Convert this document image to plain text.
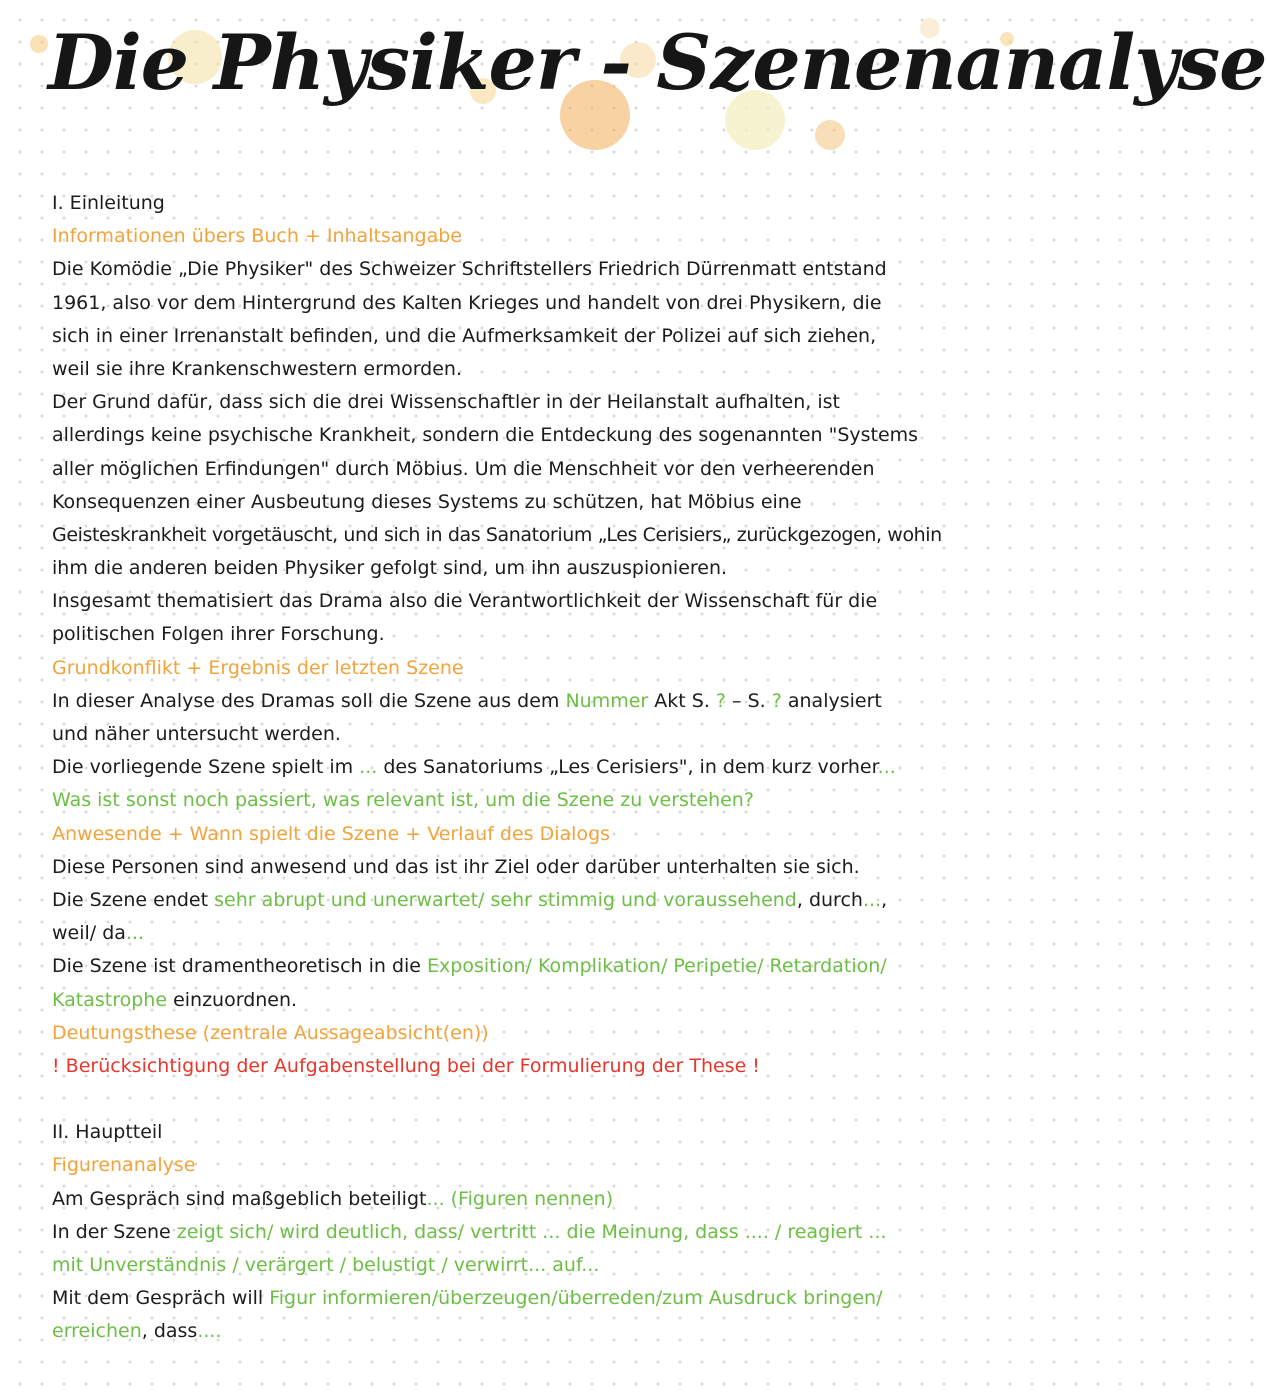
Die Physiker - Szenenanalyse
I. Einleitung
Informationen übers Buch + Inhaltsangabe
Die Komödie „Die Physiker" des Schweizer Schriftstellers Friedrich Dürrenmatt entstand
1961, also vor dem Hintergrund des Kalten Krieges und handelt von drei Physikern, die
sich in einer Irrenanstalt befinden, und die Aufmerksamkeit der Polizei auf sich ziehen,
weil sie ihre Krankenschwestern ermorden.
Der Grund dafür, dass sich die drei Wissenschaftler in der Heilanstalt aufhalten, ist
allerdings keine psychische Krankheit, sondern die Entdeckung des sogenannten "Systems
aller möglichen Erfindungen" durch Möbius. Um die Menschheit vor den verheerenden
Konsequenzen einer Ausbeutung dieses Systems zu schützen, hat Möbius eine
Geisteskrankheit vorgetäuscht, und sich in das Sanatorium „Les Cerisiers„ zurückgezogen, wohin
ihm die anderen beiden Physiker gefolgt sind, um ihn auszuspionieren.
Insgesamt thematisiert das Drama also die Verantwortlichkeit der Wissenschaft für die
politischen Folgen ihrer Forschung.
Grundkonflikt + Ergebnis der letzten Szene
In dieser Analyse des Dramas soll die Szene aus dem Nummer Akt S. ? – S. ? analysiert
und näher untersucht werden.
Die vorliegende Szene spielt im ... des Sanatoriums „Les Cerisiers", in dem kurz vorher...
Was ist sonst noch passiert, was relevant ist, um die Szene zu verstehen?
Anwesende + Wann spielt die Szene + Verlauf des Dialogs
Diese Personen sind anwesend und das ist ihr Ziel oder darüber unterhalten sie sich.
Die Szene endet sehr abrupt und unerwartet/ sehr stimmig und voraussehend, durch...,
weil/ da...
Die Szene ist dramentheoretisch in die Exposition/ Komplikation/ Peripetie/ Retardation/
Katastrophe einzuordnen.
Deutungsthese (zentrale Aussageabsicht(en))
! Berücksichtigung der Aufgabenstellung bei der Formulierung der These !
II. Hauptteil
Figurenanalyse
Am Gespräch sind maßgeblich beteiligt... (Figuren nennen)
In der Szene zeigt sich/ wird deutlich, dass/ vertritt ... die Meinung, dass .... / reagiert ...
mit Unverständnis / verärgert / belustigt / verwirrt... auf...
Mit dem Gespräch will Figur informieren/überzeugen/überreden/zum Ausdruck bringen/
erreichen, dass....
